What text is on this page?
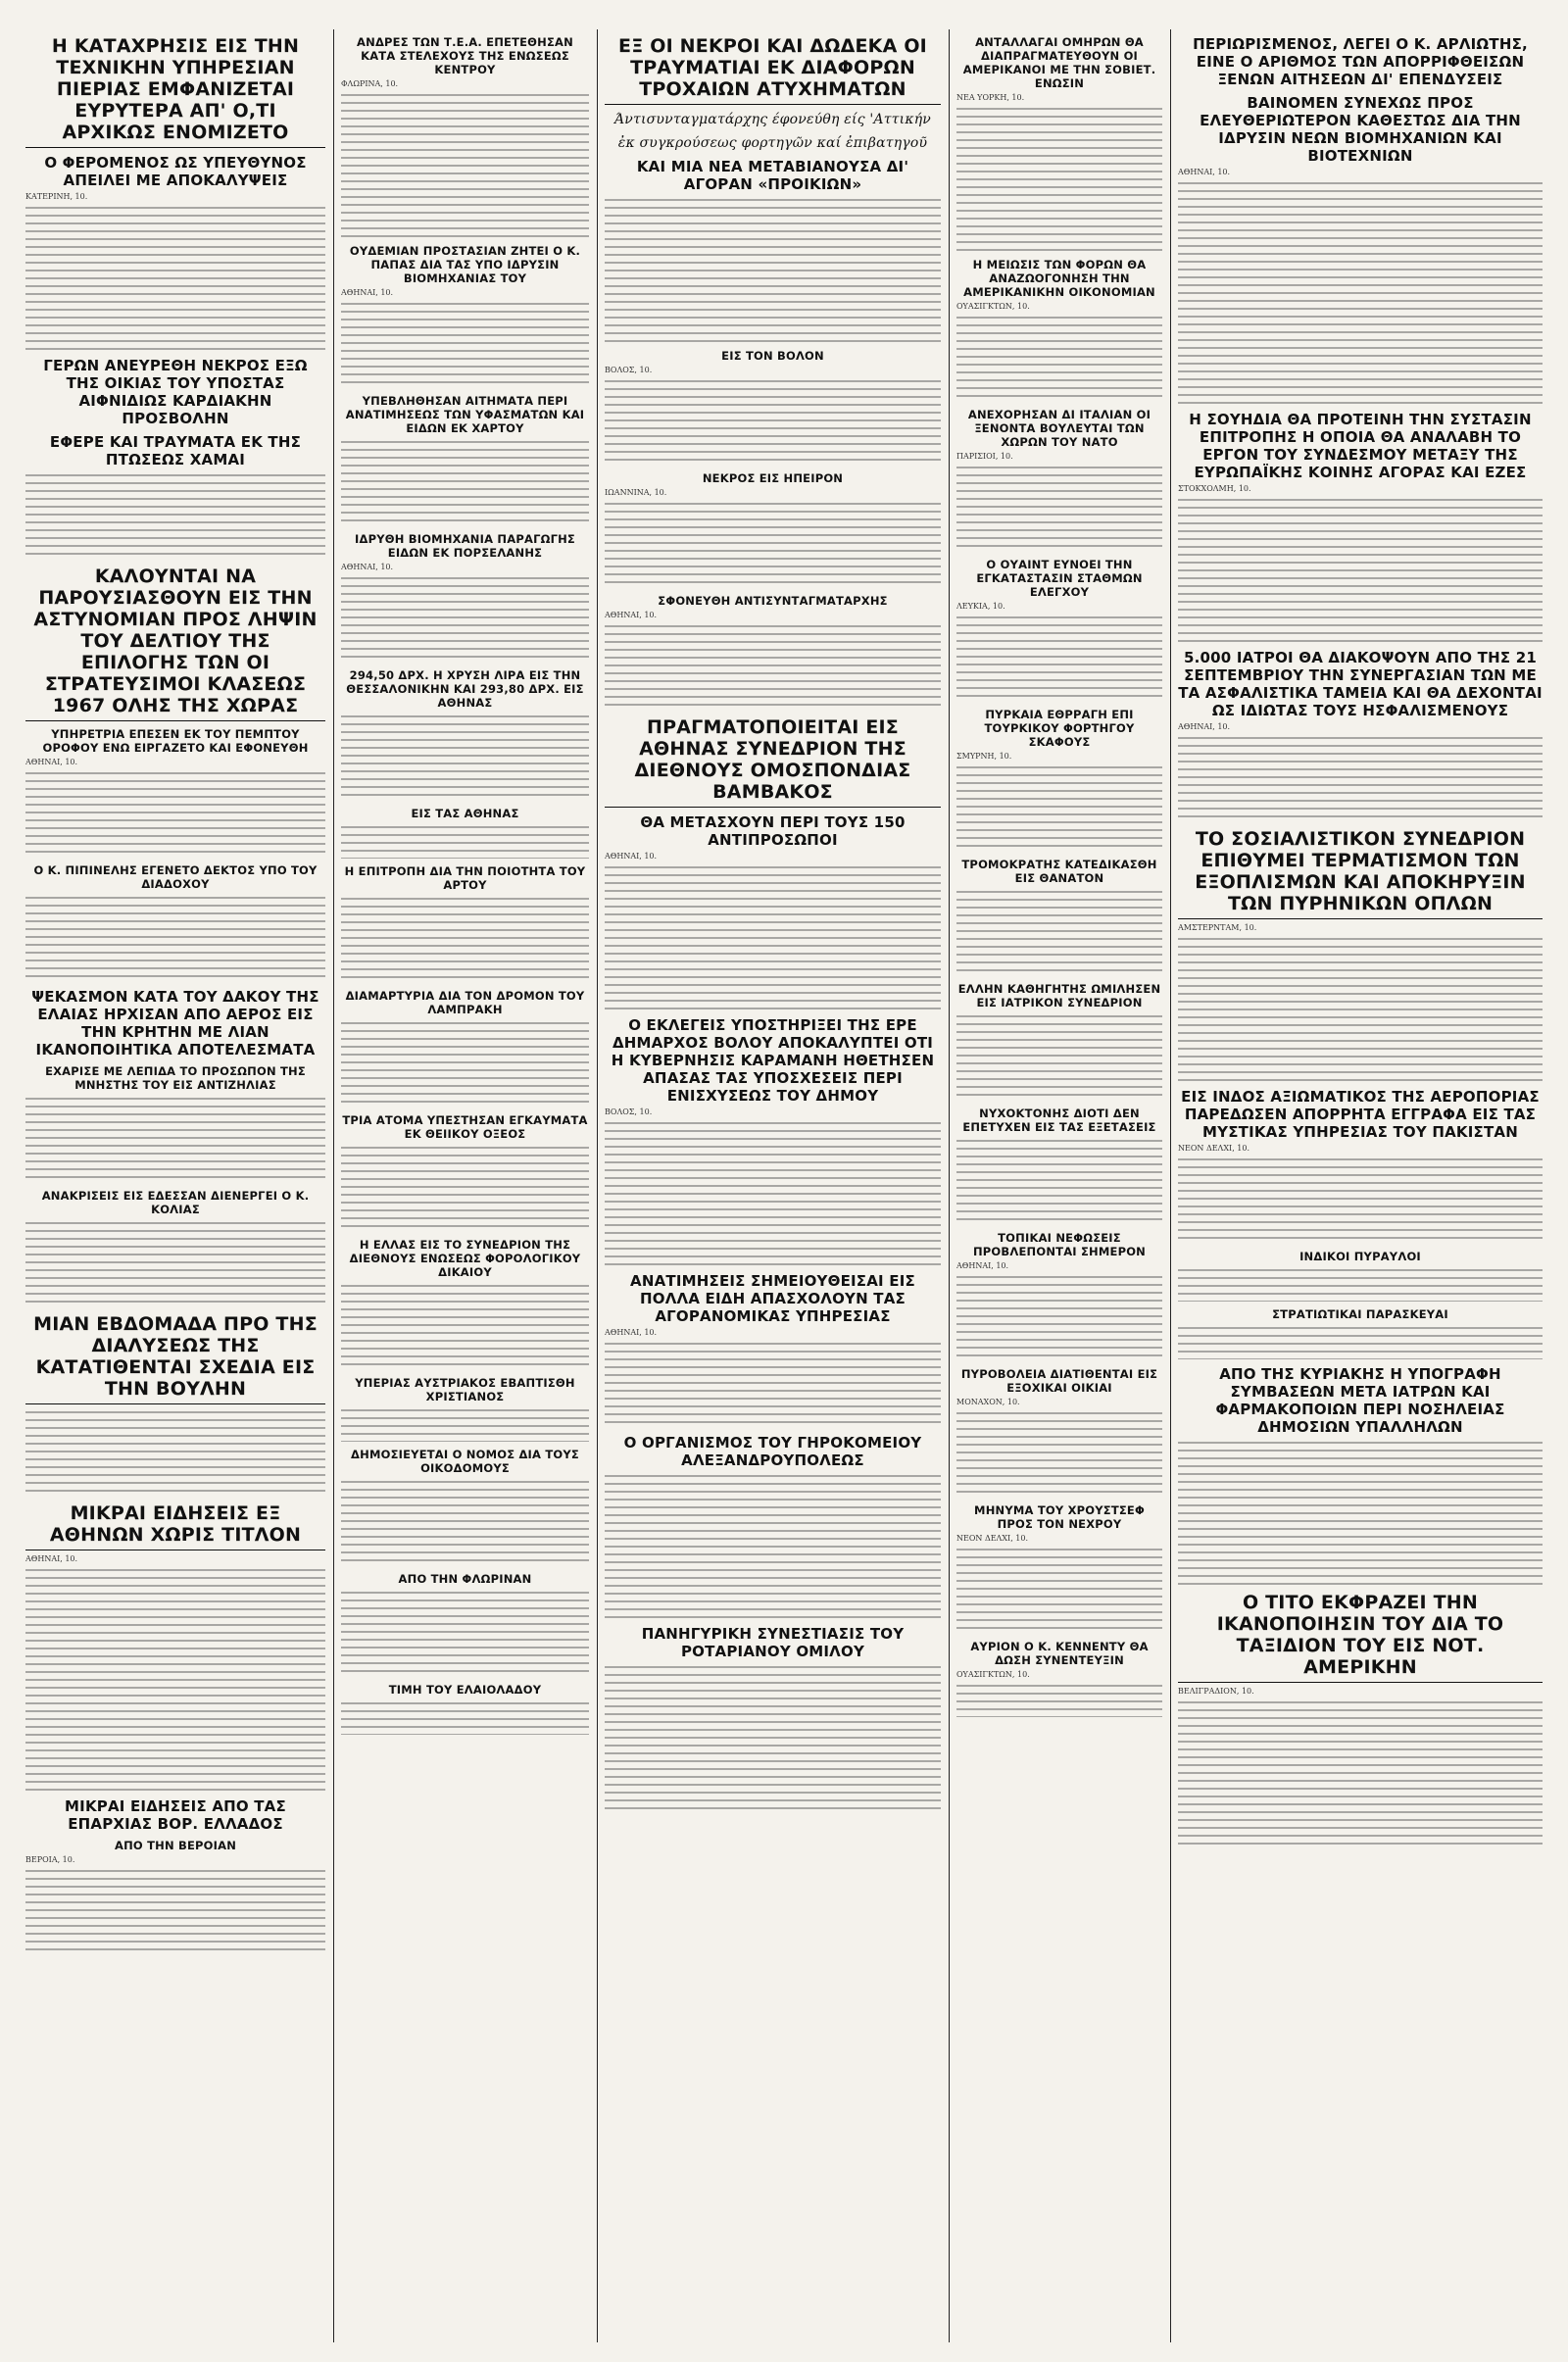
Η ΚΑΤΑΧΡΗΣΙΣ ΕΙΣ ΤΗΝ ΤΕΧΝΙΚΗΝ ΥΠΗΡΕΣΙΑΝ ΠΙΕΡΙΑΣ ΕΜΦΑΝΙΖΕΤΑΙ ΕΥΡΥΤΕΡΑ ΑΠ' Ο,ΤΙ ΑΡΧΙΚΩΣ ΕΝΟΜΙΖΕΤΟ
Ο ΦΕΡΟΜΕΝΟΣ ΩΣ ΥΠΕΥΘΥΝΟΣ ΑΠΕΙΛΕΙ ΜΕ ΑΠΟΚΑΛΥΨΕΙΣ
ΚΑΤΕΡΙΝΗ, 10.
ΓΕΡΩΝ ΑΝΕΥΡΕΘΗ ΝΕΚΡΟΣ ΕΞΩ ΤΗΣ ΟΙΚΙΑΣ ΤΟΥ ΥΠΟΣΤΑΣ ΑΙΦΝΙΔΙΩΣ ΚΑΡΔΙΑΚΗΝ ΠΡΟΣΒΟΛΗΝ
ΕΦΕΡΕ ΚΑΙ ΤΡΑΥΜΑΤΑ ΕΚ ΤΗΣ ΠΤΩΣΕΩΣ ΧΑΜΑΙ
ΚΑΛΟΥΝΤΑΙ ΝΑ ΠΑΡΟΥΣΙΑΣΘΟΥΝ ΕΙΣ ΤΗΝ ΑΣΤΥΝΟΜΙΑΝ ΠΡΟΣ ΛΗΨΙΝ ΤΟΥ ΔΕΛΤΙΟΥ ΤΗΣ ΕΠΙΛΟΓΗΣ ΤΩΝ ΟΙ ΣΤΡΑΤΕΥΣΙΜΟΙ ΚΛΑΣΕΩΣ 1967 ΟΛΗΣ ΤΗΣ ΧΩΡΑΣ
ΥΠΗΡΕΤΡΙΑ ΕΠΕΣΕΝ ΕΚ ΤΟΥ ΠΕΜΠΤΟΥ ΟΡΟΦΟΥ ΕΝΩ ΕΙΡΓΑΖΕΤΟ ΚΑΙ ΕΦΟΝΕΥΘΗ
ΑΘΗΝΑΙ, 10.
Ο Κ. ΠΙΠΙΝΕΛΗΣ ΕΓΕΝΕΤΟ ΔΕΚΤΟΣ ΥΠΟ ΤΟΥ ΔΙΑΔΟΧΟΥ
ΨΕΚΑΣΜΟΝ ΚΑΤΑ ΤΟΥ ΔΑΚΟΥ ΤΗΣ ΕΛΑΙΑΣ ΗΡΧΙΣΑΝ ΑΠΟ ΑΕΡΟΣ ΕΙΣ ΤΗΝ ΚΡΗΤΗΝ ΜΕ ΛΙΑΝ ΙΚΑΝΟΠΟΙΗΤΙΚΑ ΑΠΟΤΕΛΕΣΜΑΤΑ
ΕΧΑΡΙΣΕ ΜΕ ΛΕΠΙΔΑ ΤΟ ΠΡΟΣΩΠΟΝ ΤΗΣ ΜΝΗΣΤΗΣ ΤΟΥ ΕΙΣ ΑΝΤΙΖΗΛΙΑΣ
ΑΝΑΚΡΙΣΕΙΣ ΕΙΣ ΕΔΕΣΣΑΝ ΔΙΕΝΕΡΓΕΙ Ο Κ. ΚΟΛΙΑΣ
ΜΙΑΝ ΕΒΔΟΜΑΔΑ ΠΡΟ ΤΗΣ ΔΙΑΛΥΣΕΩΣ ΤΗΣ ΚΑΤΑΤΙΘΕΝΤΑΙ ΣΧΕΔΙΑ ΕΙΣ ΤΗΝ ΒΟΥΛΗΝ
ΜΙΚΡΑΙ ΕΙΔΗΣΕΙΣ ΕΞ ΑΘΗΝΩΝ ΧΩΡΙΣ ΤΙΤΛΟΝ
ΑΘΗΝΑΙ, 10.
ΜΙΚΡΑΙ ΕΙΔΗΣΕΙΣ ΑΠΟ ΤΑΣ ΕΠΑΡΧΙΑΣ ΒΟΡ. ΕΛΛΑΔΟΣ
ΑΠΟ ΤΗΝ ΒΕΡΟΙΑΝ
ΒΕΡΟΙΑ, 10.
ΑΝΔΡΕΣ ΤΩΝ Τ.Ε.Α. ΕΠΕΤΕΘΗΣΑΝ ΚΑΤΑ ΣΤΕΛΕΧΟΥΣ ΤΗΣ ΕΝΩΣΕΩΣ ΚΕΝΤΡΟΥ
ΦΛΩΡΙΝΑ, 10.
ΟΥΔΕΜΙΑΝ ΠΡΟΣΤΑΣΙΑΝ ΖΗΤΕΙ Ο Κ. ΠΑΠΑΣ ΔΙΑ ΤΑΣ ΥΠΟ ΙΔΡΥΣΙΝ ΒΙΟΜΗΧΑΝΙΑΣ ΤΟΥ
ΑΘΗΝΑΙ, 10.
ΥΠΕΒΛΗΘΗΣΑΝ ΑΙΤΗΜΑΤΑ ΠΕΡΙ ΑΝΑΤΙΜΗΣΕΩΣ ΤΩΝ ΥΦΑΣΜΑΤΩΝ ΚΑΙ ΕΙΔΩΝ ΕΚ ΧΑΡΤΟΥ
ΙΔΡΥΘΗ ΒΙΟΜΗΧΑΝΙΑ ΠΑΡΑΓΩΓΗΣ ΕΙΔΩΝ ΕΚ ΠΟΡΣΕΛΑΝΗΣ
ΑΘΗΝΑΙ, 10.
294,50 ΔΡΧ. Η ΧΡΥΣΗ ΛΙΡΑ ΕΙΣ ΤΗΝ ΘΕΣΣΑΛΟΝΙΚΗΝ ΚΑΙ 293,80 ΔΡΧ. ΕΙΣ ΑΘΗΝΑΣ
ΕΙΣ ΤΑΣ ΑΘΗΝΑΣ
Η ΕΠΙΤΡΟΠΗ ΔΙΑ ΤΗΝ ΠΟΙΟΤΗΤΑ ΤΟΥ ΑΡΤΟΥ
ΔΙΑΜΑΡΤΥΡΙΑ ΔΙΑ ΤΟΝ ΔΡΟΜΟΝ ΤΟΥ ΛΑΜΠΡΑΚΗ
ΤΡΙΑ ΑΤΟΜΑ ΥΠΕΣΤΗΣΑΝ ΕΓΚΑΥΜΑΤΑ ΕΚ ΘΕΙΙΚΟΥ ΟΞΕΟΣ
Η ΕΛΛΑΣ ΕΙΣ ΤΟ ΣΥΝΕΔΡΙΟΝ ΤΗΣ ΔΙΕΘΝΟΥΣ ΕΝΩΣΕΩΣ ΦΟΡΟΛΟΓΙΚΟΥ ΔΙΚΑΙΟΥ
ΥΠΕΡΙΑΣ ΑΥΣΤΡΙΑΚΟΣ ΕΒΑΠΤΙΣΘΗ ΧΡΙΣΤΙΑΝΟΣ
ΔΗΜΟΣΙΕΥΕΤΑΙ Ο ΝΟΜΟΣ ΔΙΑ ΤΟΥΣ ΟΙΚΟΔΟΜΟΥΣ
ΑΠΟ ΤΗΝ ΦΛΩΡΙΝΑΝ
ΤΙΜΗ ΤΟΥ ΕΛΑΙΟΛΑΔΟΥ
ΕΞ ΟΙ ΝΕΚΡΟΙ ΚΑΙ ΔΩΔΕΚΑ ΟΙ ΤΡΑΥΜΑΤΙΑΙ ΕΚ ΔΙΑΦΟΡΩΝ ΤΡΟΧΑΙΩΝ ΑΤΥΧΗΜΑΤΩΝ
Άντισυνταγματάρχης έφονεύθη είς 'Αττικήν
ἐκ συγκρούσεως φορτηγῶν καί ἐπιβατηγοῦ
ΚΑΙ ΜΙΑ ΝΕΑ ΜΕΤΑΒΙΑΝΟΥΣΑ ΔΙ' ΑΓΟΡΑΝ «ΠΡΟΙΚΙΩΝ»
ΕΙΣ ΤΟΝ ΒΟΛΟΝ
ΒΟΛΟΣ, 10.
ΝΕΚΡΟΣ ΕΙΣ ΗΠΕΙΡΟΝ
ΙΩΑΝΝΙΝΑ, 10.
ΣΦΟΝΕΥΘΗ ΑΝΤΙΣΥΝΤΑΓΜΑΤΑΡΧΗΣ
ΑΘΗΝΑΙ, 10.
ΠΡΑΓΜΑΤΟΠΟΙΕΙΤΑΙ ΕΙΣ ΑΘΗΝΑΣ ΣΥΝΕΔΡΙΟΝ ΤΗΣ ΔΙΕΘΝΟΥΣ ΟΜΟΣΠΟΝΔΙΑΣ ΒΑΜΒΑΚΟΣ
ΘΑ ΜΕΤΑΣΧΟΥΝ ΠΕΡΙ ΤΟΥΣ 150 ΑΝΤΙΠΡΟΣΩΠΟΙ
ΑΘΗΝΑΙ, 10.
Ο ΕΚΛΕΓΕΙΣ ΥΠΟΣΤΗΡΙΞΕΙ ΤΗΣ ΕΡΕ ΔΗΜΑΡΧΟΣ ΒΟΛΟΥ ΑΠΟΚΑΛΥΠΤΕΙ ΟΤΙ Η ΚΥΒΕΡΝΗΣΙΣ ΚΑΡΑΜΑΝΗ ΗΘΕΤΗΣΕΝ ΑΠΑΣΑΣ ΤΑΣ ΥΠΟΣΧΕΣΕΙΣ ΠΕΡΙ ΕΝΙΣΧΥΣΕΩΣ ΤΟΥ ΔΗΜΟΥ
ΒΟΛΟΣ, 10.
ΑΝΑΤΙΜΗΣΕΙΣ ΣΗΜΕΙΟΥΘΕΙΣΑΙ ΕΙΣ ΠΟΛΛΑ ΕΙΔΗ ΑΠΑΣΧΟΛΟΥΝ ΤΑΣ ΑΓΟΡΑΝΟΜΙΚΑΣ ΥΠΗΡΕΣΙΑΣ
ΑΘΗΝΑΙ, 10.
Ο ΟΡΓΑΝΙΣΜΟΣ ΤΟΥ ΓΗΡΟΚΟΜΕΙΟΥ ΑΛΕΞΑΝΔΡΟΥΠΟΛΕΩΣ
ΠΑΝΗΓΥΡΙΚΗ ΣΥΝΕΣΤΙΑΣΙΣ ΤΟΥ ΡΟΤΑΡΙΑΝΟΥ ΟΜΙΛΟΥ
ΑΝΤΑΛΛΑΓΑΙ ΟΜΗΡΩΝ ΘΑ ΔΙΑΠΡΑΓΜΑΤΕΥΘΟΥΝ ΟΙ ΑΜΕΡΙΚΑΝΟΙ ΜΕ ΤΗΝ ΣΟΒΙΕΤ. ΕΝΩΣΙΝ
ΝΕΑ ΥΟΡΚΗ, 10.
Η ΜΕΙΩΣΙΣ ΤΩΝ ΦΟΡΩΝ ΘΑ ΑΝΑΖΩΟΓΟΝΗΣΗ ΤΗΝ ΑΜΕΡΙΚΑΝΙΚΗΝ ΟΙΚΟΝΟΜΙΑΝ
ΟΥΑΣΙΓΚΤΩΝ, 10.
ΑΝΕΧΟΡΗΣΑΝ ΔΙ ΙΤΑΛΙΑΝ ΟΙ ΞΕΝΟΝΤΑ ΒΟΥΛΕΥΤΑΙ ΤΩΝ ΧΩΡΩΝ ΤΟΥ ΝΑΤΟ
ΠΑΡΙΣΙΟΙ, 10.
Ο ΟΥΑΙΝΤ ΕΥΝΟΕΙ ΤΗΝ ΕΓΚΑΤΑΣΤΑΣΙΝ ΣΤΑΘΜΩΝ ΕΛΕΓΧΟΥ
ΛΕΥΚΙΑ, 10.
ΠΥΡΚΑΙΑ ΕΘΡΡΑΓΗ ΕΠΙ ΤΟΥΡΚΙΚΟΥ ΦΟΡΤΗΓΟΥ ΣΚΑΦΟΥΣ
ΣΜΥΡΝΗ, 10.
ΤΡΟΜΟΚΡΑΤΗΣ ΚΑΤΕΔΙΚΑΣΘΗ ΕΙΣ ΘΑΝΑΤΟΝ
ΕΛΛΗΝ ΚΑΘΗΓΗΤΗΣ ΩΜΙΛΗΣΕΝ ΕΙΣ ΙΑΤΡΙΚΟΝ ΣΥΝΕΔΡΙΟΝ
ΝΥΧΟΚΤΟΝΗΣ ΔΙΟΤΙ ΔΕΝ ΕΠΕΤΥΧΕΝ ΕΙΣ ΤΑΣ ΕΞΕΤΑΣΕΙΣ
ΤΟΠΙΚΑΙ ΝΕΦΩΣΕΙΣ ΠΡΟΒΛΕΠΟΝΤΑΙ ΣΗΜΕΡΟΝ
ΑΘΗΝΑΙ, 10.
ΠΥΡΟΒΟΛΕΙΑ ΔΙΑΤΙΘΕΝΤΑΙ ΕΙΣ ΕΞΟΧΙΚΑΙ ΟΙΚΙΑΙ
ΜΟΝΑΧΟΝ, 10.
ΜΗΝΥΜΑ ΤΟΥ ΧΡΟΥΣΤΣΕΦ ΠΡΟΣ ΤΟΝ ΝΕΧΡΟΥ
ΝΕΟΝ ΔΕΛΧΙ, 10.
ΑΥΡΙΟΝ Ο Κ. ΚΕΝΝΕΝΤΥ ΘΑ ΔΩΣΗ ΣΥΝΕΝΤΕΥΞΙΝ
ΟΥΑΣΙΓΚΤΩΝ, 10.
ΠΕΡΙΩΡΙΣΜΕΝΟΣ, ΛΕΓΕΙ Ο Κ. ΑΡΛΙΩΤΗΣ, ΕΙΝΕ Ο ΑΡΙΘΜΟΣ ΤΩΝ ΑΠΟΡΡΙΦΘΕΙΣΩΝ ΞΕΝΩΝ ΑΙΤΗΣΕΩΝ ΔΙ' ΕΠΕΝΔΥΣΕΙΣ
ΒΑΙΝΟΜΕΝ ΣΥΝΕΧΩΣ ΠΡΟΣ ΕΛΕΥΘΕΡΙΩΤΕΡΟΝ ΚΑΘΕΣΤΩΣ ΔΙΑ ΤΗΝ ΙΔΡΥΣΙΝ ΝΕΩΝ ΒΙΟΜΗΧΑΝΙΩΝ ΚΑΙ ΒΙΟΤΕΧΝΙΩΝ
ΑΘΗΝΑΙ, 10.
Η ΣΟΥΗΔΙΑ ΘΑ ΠΡΟΤΕΙΝΗ ΤΗΝ ΣΥΣΤΑΣΙΝ ΕΠΙΤΡΟΠΗΣ Η ΟΠΟΙΑ ΘΑ ΑΝΑΛΑΒΗ ΤΟ ΕΡΓΟΝ ΤΟΥ ΣΥΝΔΕΣΜΟΥ ΜΕΤΑΞΥ ΤΗΣ ΕΥΡΩΠΑΪΚΗΣ ΚΟΙΝΗΣ ΑΓΟΡΑΣ ΚΑΙ ΕΖΕΣ
ΣΤΟΚΧΟΛΜΗ, 10.
5.000 ΙΑΤΡΟΙ ΘΑ ΔΙΑΚΟΨΟΥΝ ΑΠΟ ΤΗΣ 21 ΣΕΠΤΕΜΒΡΙΟΥ ΤΗΝ ΣΥΝΕΡΓΑΣΙΑΝ ΤΩΝ ΜΕ ΤΑ ΑΣΦΑΛΙΣΤΙΚΑ ΤΑΜΕΙΑ ΚΑΙ ΘΑ ΔΕΧΟΝΤΑΙ ΩΣ ΙΔΙΩΤΑΣ ΤΟΥΣ ΗΣΦΑΛΙΣΜΕΝΟΥΣ
ΑΘΗΝΑΙ, 10.
ΤΟ ΣΟΣΙΑΛΙΣΤΙΚΟΝ ΣΥΝΕΔΡΙΟΝ ΕΠΙΘΥΜΕΙ ΤΕΡΜΑΤΙΣΜΟΝ ΤΩΝ ΕΞΟΠΛΙΣΜΩΝ ΚΑΙ ΑΠΟΚΗΡΥΞΙΝ ΤΩΝ ΠΥΡΗΝΙΚΩΝ ΟΠΛΩΝ
ΑΜΣΤΕΡΝΤΑΜ, 10.
ΕΙΣ ΙΝΔΟΣ ΑΞΙΩΜΑΤΙΚΟΣ ΤΗΣ ΑΕΡΟΠΟΡΙΑΣ ΠΑΡΕΔΩΣΕΝ ΑΠΟΡΡΗΤΑ ΕΓΓΡΑΦΑ ΕΙΣ ΤΑΣ ΜΥΣΤΙΚΑΣ ΥΠΗΡΕΣΙΑΣ ΤΟΥ ΠΑΚΙΣΤΑΝ
ΝΕΟΝ ΔΕΛΧΙ, 10.
ΙΝΔΙΚΟΙ ΠΥΡΑΥΛΟΙ
ΣΤΡΑΤΙΩΤΙΚΑΙ ΠΑΡΑΣΚΕΥΑΙ
ΑΠΟ ΤΗΣ ΚΥΡΙΑΚΗΣ Η ΥΠΟΓΡΑΦΗ ΣΥΜΒΑΣΕΩΝ ΜΕΤΑ ΙΑΤΡΩΝ ΚΑΙ ΦΑΡΜΑΚΟΠΟΙΩΝ ΠΕΡΙ ΝΟΣΗΛΕΙΑΣ ΔΗΜΟΣΙΩΝ ΥΠΑΛΛΗΛΩΝ
Ο ΤΙΤΟ ΕΚΦΡΑΖΕΙ ΤΗΝ ΙΚΑΝΟΠΟΙΗΣΙΝ ΤΟΥ ΔΙΑ ΤΟ ΤΑΞΙΔΙΟΝ ΤΟΥ ΕΙΣ ΝΟΤ. ΑΜΕΡΙΚΗΝ
ΒΕΛΙΓΡΑΔΙΟΝ, 10.
